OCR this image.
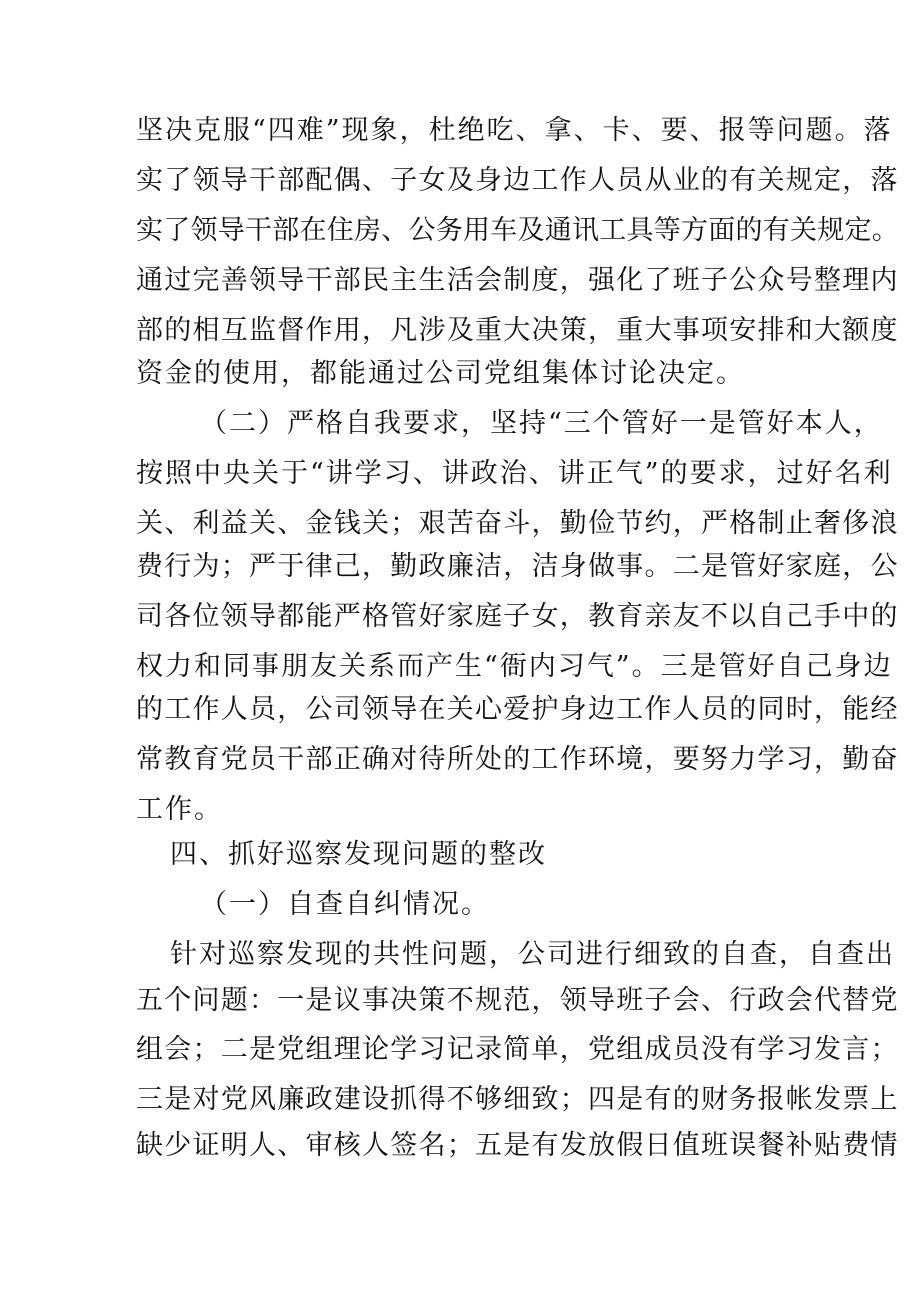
坚决克服“四难”现象，杜绝吃、拿、卡、要、报等问题。落
实了领导干部配偶、子女及身边工作人员从业的有关规定，落
实了领导干部在住房、公务用车及通讯工具等方面的有关规定。
通过完善领导干部民主生活会制度，强化了班子公众号整理内
部的相互监督作用，凡涉及重大决策，重大事项安排和大额度
资金的使用，都能通过公司党组集体讨论决定。
（二）严格自我要求，坚持“三个管好一是管好本人，
按照中央关于“讲学习、讲政治、讲正气”的要求，过好名利
关、利益关、金钱关；艰苦奋斗，勤俭节约，严格制止奢侈浪
费行为；严于律己，勤政廉洁，洁身做事。二是管好家庭，公
司各位领导都能严格管好家庭子女，教育亲友不以自己手中的
权力和同事朋友关系而产生“衙内习气”。三是管好自己身边
的工作人员，公司领导在关心爱护身边工作人员的同时，能经
常教育党员干部正确对待所处的工作环境，要努力学习，勤奋
工作。
四、抓好巡察发现问题的整改
（一）自查自纠情况。
针对巡察发现的共性问题，公司进行细致的自查，自查出
五个问题：一是议事决策不规范，领导班子会、行政会代替党
组会；二是党组理论学习记录简单，党组成员没有学习发言；
三是对党风廉政建设抓得不够细致；四是有的财务报帐发票上
缺少证明人、审核人签名；五是有发放假日值班误餐补贴费情
